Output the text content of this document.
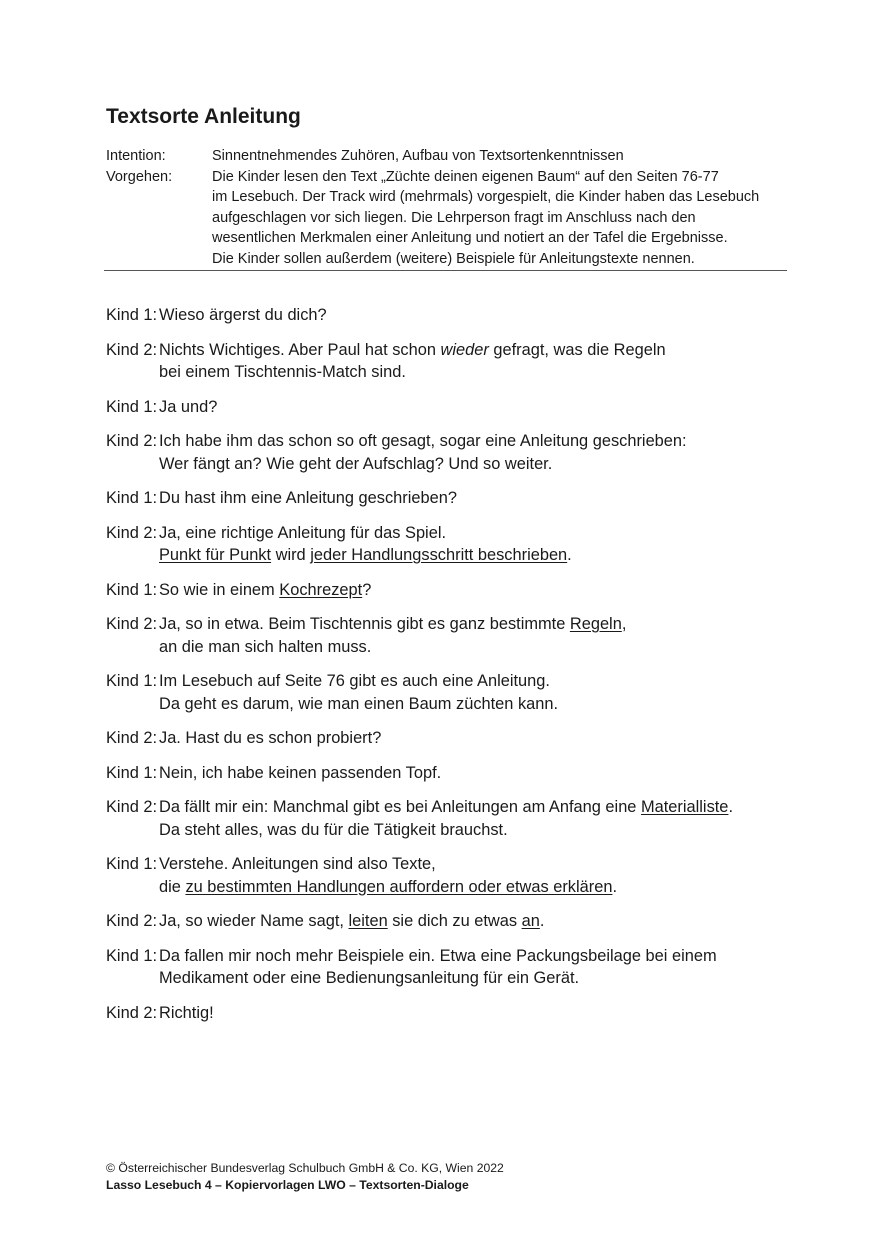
Textsorte Anleitung
Intention:	Sinnentnehmendes Zuhören, Aufbau von Textsortenkenntnissen
Vorgehen:	Die Kinder lesen den Text „Züchte deinen eigenen Baum“ auf den Seiten 76-77
im Lesebuch. Der Track wird (mehrmals) vorgespielt, die Kinder haben das Lesebuch
aufgeschlagen vor sich liegen. Die Lehrperson fragt im Anschluss nach den
wesentlichen Merkmalen einer Anleitung und notiert an der Tafel die Ergebnisse.
Die Kinder sollen außerdem (weitere) Beispiele für Anleitungstexte nennen.
Kind 1: Wieso ärgerst du dich?
Kind 2: Nichts Wichtiges. Aber Paul hat schon wieder gefragt, was die Regeln
bei einem Tischtennis-Match sind.
Kind 1: Ja und?
Kind 2: Ich habe ihm das schon so oft gesagt, sogar eine Anleitung geschrieben:
Wer fängt an? Wie geht der Aufschlag? Und so weiter.
Kind 1: Du hast ihm eine Anleitung geschrieben?
Kind 2: Ja, eine richtige Anleitung für das Spiel.
Punkt für Punkt wird jeder Handlungsschritt beschrieben.
Kind 1: So wie in einem Kochrezept?
Kind 2: Ja, so in etwa. Beim Tischtennis gibt es ganz bestimmte Regeln,
an die man sich halten muss.
Kind 1: Im Lesebuch auf Seite 76 gibt es auch eine Anleitung.
Da geht es darum, wie man einen Baum züchten kann.
Kind 2: Ja. Hast du es schon probiert?
Kind 1: Nein, ich habe keinen passenden Topf.
Kind 2: Da fällt mir ein: Manchmal gibt es bei Anleitungen am Anfang eine Materialliste.
Da steht alles, was du für die Tätigkeit brauchst.
Kind 1: Verstehe. Anleitungen sind also Texte,
die zu bestimmten Handlungen auffordern oder etwas erklären.
Kind 2: Ja, so wieder Name sagt, leiten sie dich zu etwas an.
Kind 1: Da fallen mir noch mehr Beispiele ein. Etwa eine Packungsbeilage bei einem
Medikament oder eine Bedienungsanleitung für ein Gerät.
Kind 2: Richtig!
© Österreichischer Bundesverlag Schulbuch GmbH & Co. KG, Wien 2022
Lasso Lesebuch 4 – Kopiervorlagen LWO – Textsorten-Dialoge
